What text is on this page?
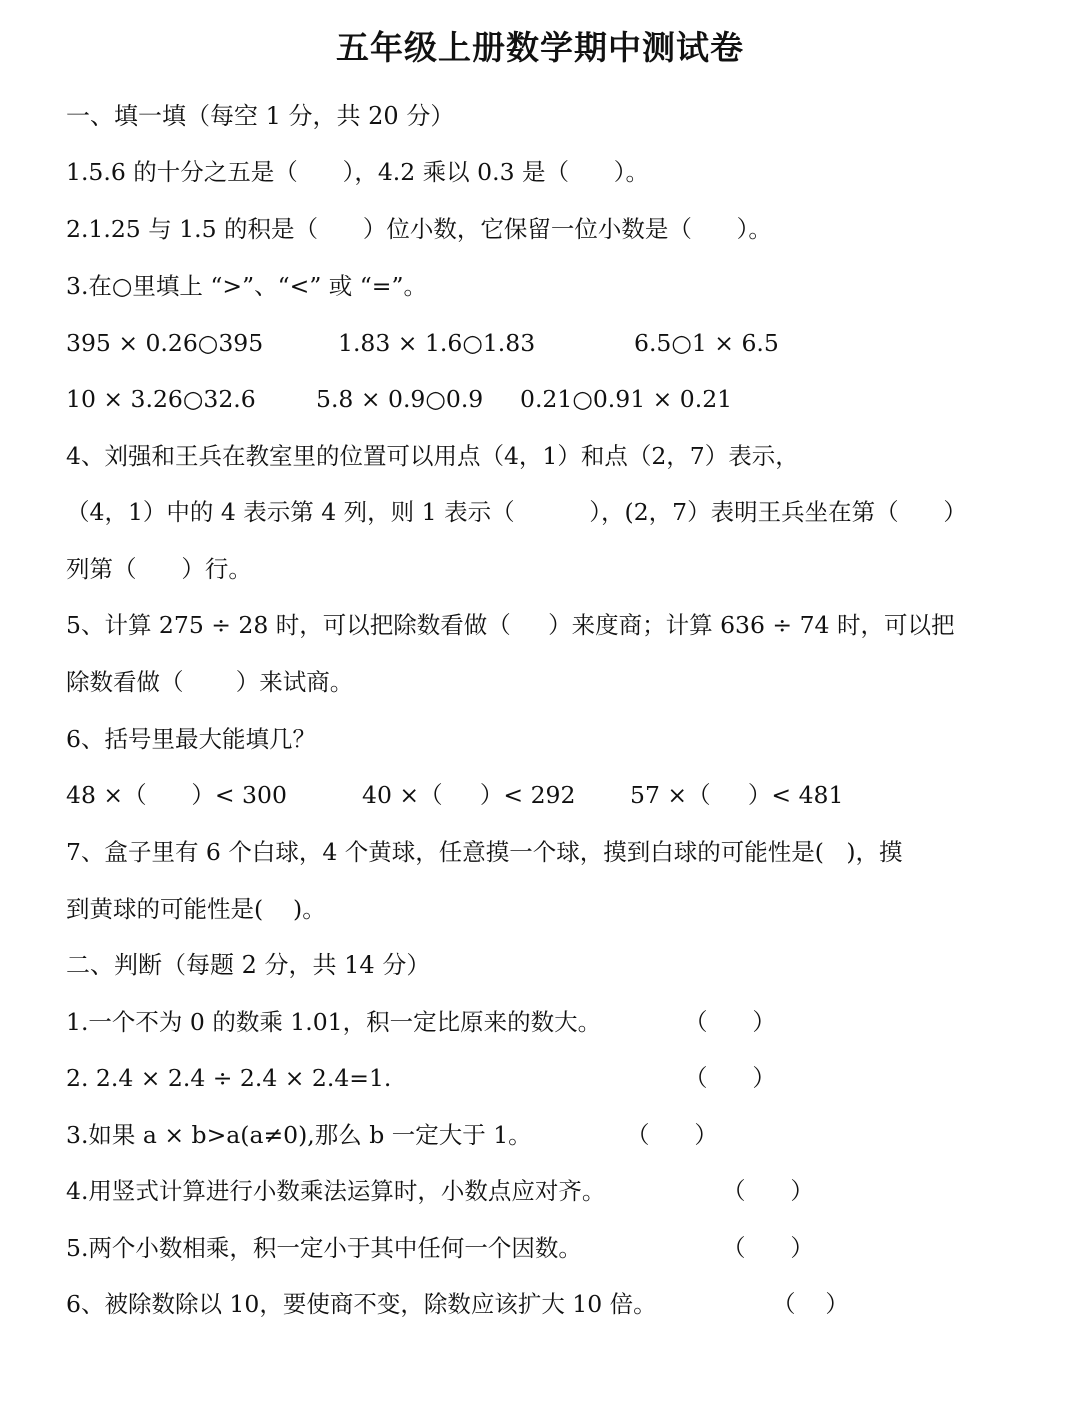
五年级上册数学期中测试卷
一、填一填（每空 1 分，共 20 分）
1.5.6 的十分之五是（      ），4.2 乘以 0.3 是（      ）。
2.1.25 与 1.5 的积是（      ）位小数，它保留一位小数是（      ）。
3.在○里填上 “>”、“<” 或 “=”。

395 × 0.26○395

	1.83 × 1.6○1.83

	6.5○1 × 6.5

10 × 3.26○32.6

	5.8 × 0.9○0.9

0.21○0.91 × 0.21

4、刘强和王兵在教室里的位置可以用点（4，1）和点（2，7）表示，
（4，1）中的 4 表示第 4 列，则 1 表示（          ），(2，7）表明王兵坐在第（      ）
列第（      ）行。
5、计算 275 ÷ 28 时，可以把除数看做（     ）来度商；计算 636 ÷ 74 时，可以把
除数看做（       ）来试商。
6、括号里最大能填几？

48 ×（      ）< 300

	40 ×（     ）< 292

57 ×（     ）< 481

7、盒子里有 6 个白球，4 个黄球，任意摸一个球，摸到白球的可能性是(   )，摸
到黄球的可能性是(    )。
二、判断（每题 2 分，共 14 分）
1.一个不为 0 的数乘 1.01，积一定比原来的数大。	（      ）
2. 2.4 × 2.4 ÷ 2.4 × 2.4=1.	（      ）
3.如果 a × b>a(a≠0),那么 b 一定大于 1。	（      ）
4.用竖式计算进行小数乘法运算时，小数点应对齐。	（      ）
5.两个小数相乘，积一定小于其中任何一个因数。	（      ）
6、被除数除以 10，要使商不变，除数应该扩大 10 倍。	（    ）
